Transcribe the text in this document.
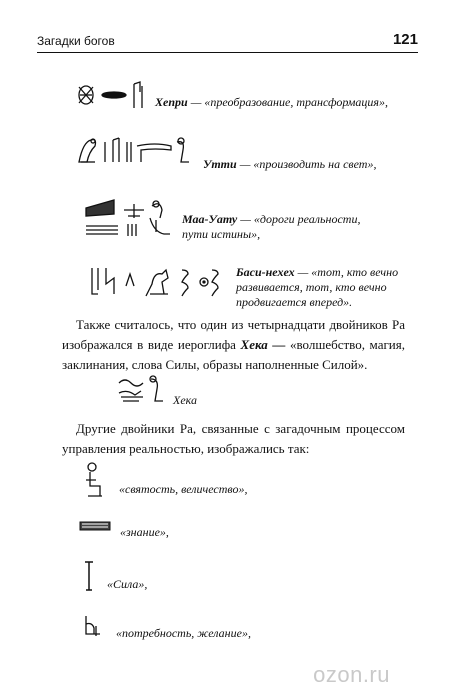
Загадки богов	121
Хепри — «преобразование, трансформация»,
Утти — «производить на свет»,
Маа-Уату — «дороги реальности,
пути истины»,
Баси-нехех — «тот, кто вечно
развивается, тот, кто вечно
продвигается вперед».
Также считалось, что один из четырнадцати двойников Ра изображался в виде иероглифа Хека — «волшебство, магия, заклинания, слова Силы, образы наполненные Силой».
Хека
Другие двойники Ра, связанные с загадочным процессом управления реальностью, изображались так:
«святость, величество»,
«знание»,
«Сила»,
«потребность, желание»,
ozon.ru
